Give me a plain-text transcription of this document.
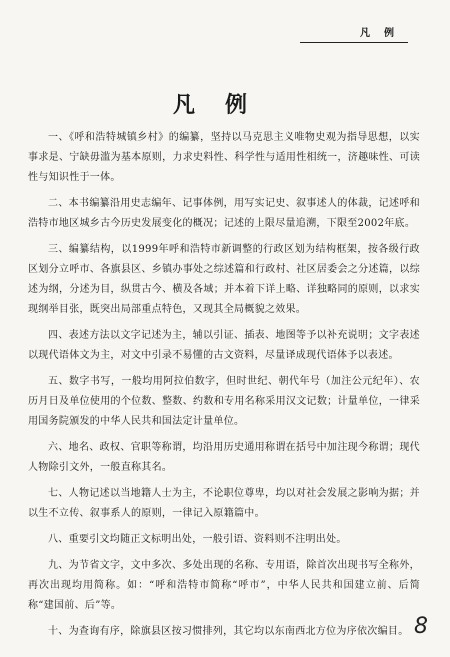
凡例
凡例

一、《呼和浩特城镇乡村》的编纂，坚持以马克思主义唯物史观为指导思想，以实事求是、宁缺毋滥为基本原则，力求史料性、科学性与适用性相统一，济趣味性、可读性与知识性于一体。

二、本书编纂沿用史志编年、记事体例，用写实记史、叙事述人的体裁，记述呼和浩特市地区城乡古今历史发展变化的概况；记述的上限尽量追溯，下限至2002年底。

三、编纂结构，以1999年呼和浩特市新调整的行政区划为结构框架，按各级行政区划分立呼市、各旗县区、乡镇办事处之综述篇和行政村、社区居委会之分述篇，以综述为纲，分述为目，纵贯古今、横及各域；并本着下详上略、详独略同的原则，以求实现纲举目张，既突出局部重点特色，又现其全局概貌之效果。

四、表述方法以文字记述为主，辅以引证、插表、地图等予以补充说明；文字表述以现代语体文为主，对文中引录不易懂的古文资料，尽量译成现代语体予以表述。

五、数字书写，一般均用阿拉伯数字，但时世纪、朝代年号（加注公元纪年）、农历月日及单位使用的个位数、整数、约数和专用名称采用汉文记数；计量单位，一律采用国务院颁发的中华人民共和国法定计量单位。

六、地名、政权、官职等称谓，均沿用历史通用称谓在括号中加注现今称谓；现代人物除引文外，一般直称其名。

七、人物记述以当地籍人士为主，不论职位尊卑，均以对社会发展之影响为据；并以生不立传、叙事系人的原则，一律记入原籍篇中。

八、重要引文均随正文标明出处，一般引语、资料则不注明出处。

九、为节省文字，文中多次、多处出现的名称、专用语，除首次出现书写全称外，再次出现均用简称。如：“呼和浩特市简称“呼市”，中华人民共和国建立前、后简称“建国前、后”等。

十、为查询有序，除旗县区按习惯排列，其它均以东南西北方位为序依次编目。 8
